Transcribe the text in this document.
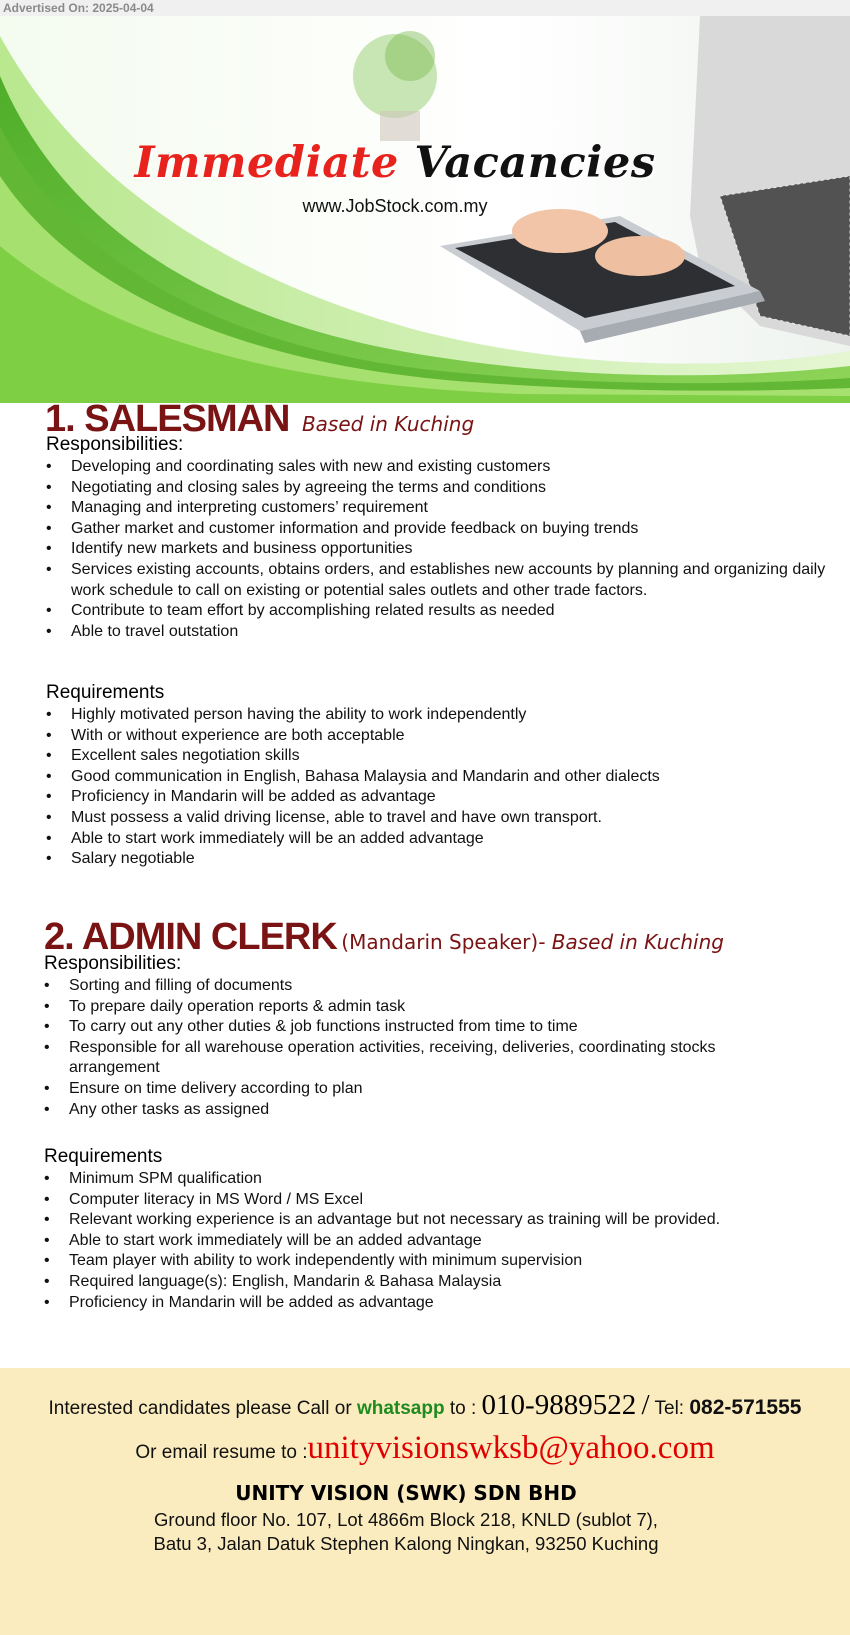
Advertised On: 2025-04-04
Immediate Vacancies
www.JobStock.com.my
1. SALESMAN Based in Kuching
Responsibilities:
• Developing and coordinating sales with new and existing customers
• Negotiating and closing sales by agreeing the terms and conditions
• Managing and interpreting customers’ requirement
• Gather market and customer information and provide feedback on buying trends
• Identify new markets and business opportunities
• Services existing accounts, obtains orders, and establishes new accounts by planning and organizing daily work schedule to call on existing or potential sales outlets and other trade factors.
• Contribute to team effort by accomplishing related results as needed
• Able to travel outstation
Requirements
• Highly motivated person having the ability to work independently
• With or without experience are both acceptable
• Excellent sales negotiation skills
• Good communication in English, Bahasa Malaysia and Mandarin and other dialects
• Proficiency in Mandarin will be added as advantage
• Must possess a valid driving license, able to travel and have own transport.
• Able to start work immediately will be an added advantage
• Salary negotiable
2. ADMIN CLERK (Mandarin Speaker)- Based in Kuching
Responsibilities:
• Sorting and filling of documents
• To prepare daily operation reports & admin task
• To carry out any other duties & job functions instructed from time to time
• Responsible for all warehouse operation activities, receiving, deliveries, coordinating stocks arrangement
• Ensure on time delivery according to plan
• Any other tasks as assigned
Requirements
• Minimum SPM qualification
• Computer literacy in MS Word / MS Excel
• Relevant working experience is an advantage but not necessary as training will be provided.
• Able to start work immediately will be an added advantage
• Team player with ability to work independently with minimum supervision
• Required language(s): English, Mandarin & Bahasa Malaysia
• Proficiency in Mandarin will be added as advantage
Interested candidates please Call or whatsapp to : 010-9889522 / Tel: 082-571555
Or email resume to :unityvisionswksb@yahoo.com
UNITY VISION (SWK) SDN BHD
Ground floor No. 107, Lot 4866m Block 218, KNLD (sublot 7),
Batu 3, Jalan Datuk Stephen Kalong Ningkan, 93250 Kuching
